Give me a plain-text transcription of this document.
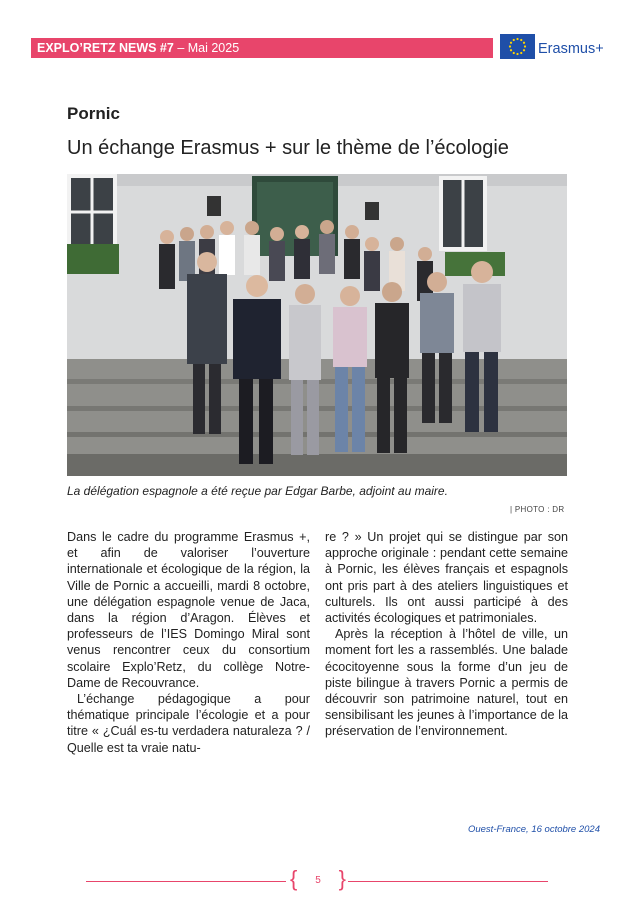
EXPLO’RETZ NEWS #7 – Mai 2025	Erasmus+
Pornic
Un échange Erasmus + sur le thème de l’écologie
La délégation espagnole a été reçue par Edgar Barbe, adjoint au maire.
| PHOTO : DR

Dans le cadre du programme Erasmus +, et afin de valoriser l’ouverture internationale et écologique de la région, la Ville de Pornic a accueilli, mardi 8 octobre, une délégation espagnole venue de Jaca, dans la région d’Aragon. Élèves et professeurs de l’IES Domingo Miral sont venus rencontrer ceux du consortium scolaire Explo’Retz, du collège Notre-Dame de Recouvrance.

L’échange pédagogique a pour thématique principale l’écologie et a pour titre « ¿Cuál es-tu verdadera naturaleza ? / Quelle est ta vraie natu-

re ? » Un projet qui se distingue par son approche originale : pendant cette semaine à Pornic, les élèves français et espagnols ont pris part à des ateliers linguistiques et culturels. Ils ont aussi participé à des activités écologiques et patrimoniales.

Après la réception à l’hôtel de ville, un moment fort les a rassemblés. Une balade écocitoyenne sous la forme d’un jeu de piste bilingue à travers Pornic a permis de découvrir son patrimoine naturel, tout en sensibilisant les jeunes à l’importance de la préservation de l’environnement.

Ouest-France, 16 octobre 2024
{ 5 }
